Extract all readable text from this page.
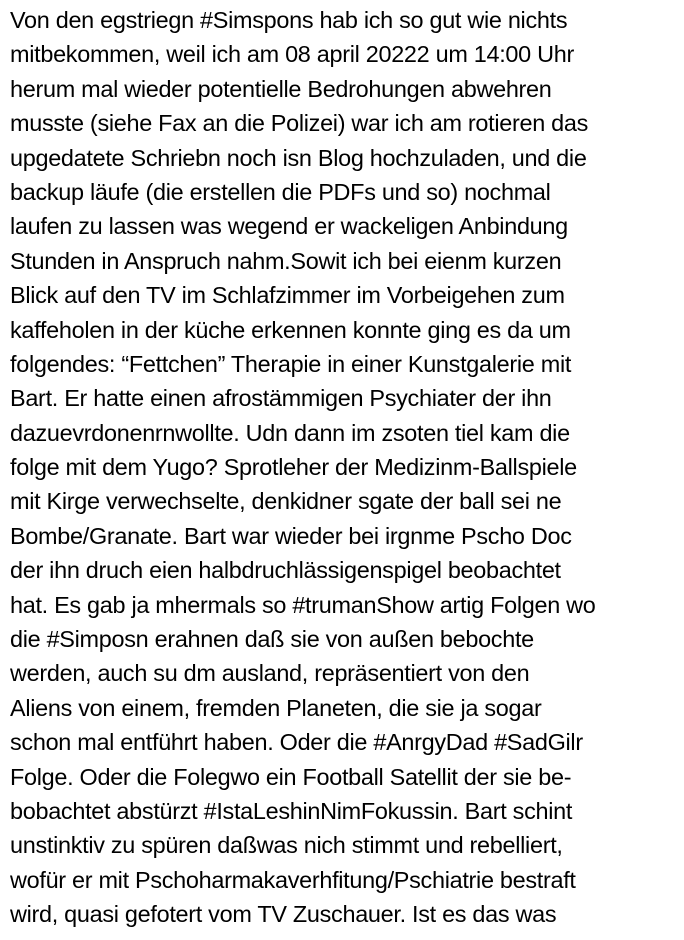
Von den egstriegn #Simspons hab ich so gut wie nichts
mitbekommen, weil ich am 08 april 20222 um 14:00 Uhr
herum mal wieder potentielle Bedrohungen abwehren
musste (siehe Fax an die Polizei) war ich am rotieren das
upgedatete Schriebn noch isn Blog hochzuladen, und die
backup läufe (die erstellen die PDFs und so) nochmal
laufen zu lassen was wegend er wackeligen Anbindung
Stunden in Anspruch nahm.Sowit ich bei eienm kurzen
Blick auf den TV im Schlafzimmer im Vorbeigehen zum
kaffeholen in der küche erkennen konnte ging es da um
folgendes: “Fettchen” Therapie in einer Kunstgalerie mit
Bart. Er hatte einen afrostämmigen Psychiater der ihn
dazuevrdonenrnwollte. Udn dann im zsoten tiel kam die
folge mit dem Yugo? Sprotleher der Medizinm-Ballspiele
mit Kirge verwechselte, denkidner sgate der ball sei ne
Bombe/Granate. Bart war wieder bei irgnme Pscho Doc
der ihn druch eien halbdruchlässigenspigel beobachtet
hat. Es gab ja mhermals so #trumanShow artig Folgen wo
die #Simposn erahnen daß sie von außen bebochte
werden, auch su dm ausland, repräsentiert von den
Aliens von einem, fremden Planeten, die sie ja sogar
schon mal entführt haben. Oder die #AnrgyDad #SadGilr
Folge. Oder die Folegwo ein Football Satellit der sie be-
bobachtet abstürzt #IstaLeshinNimFokussin. Bart schint
unstinktiv zu spüren daßwas nich stimmt und rebelliert,
wofür er mit Pschoharmakaverhfitung/Pschiatrie bestraft
wird, quasi gefotert vom TV Zuschauer. Ist es das was
